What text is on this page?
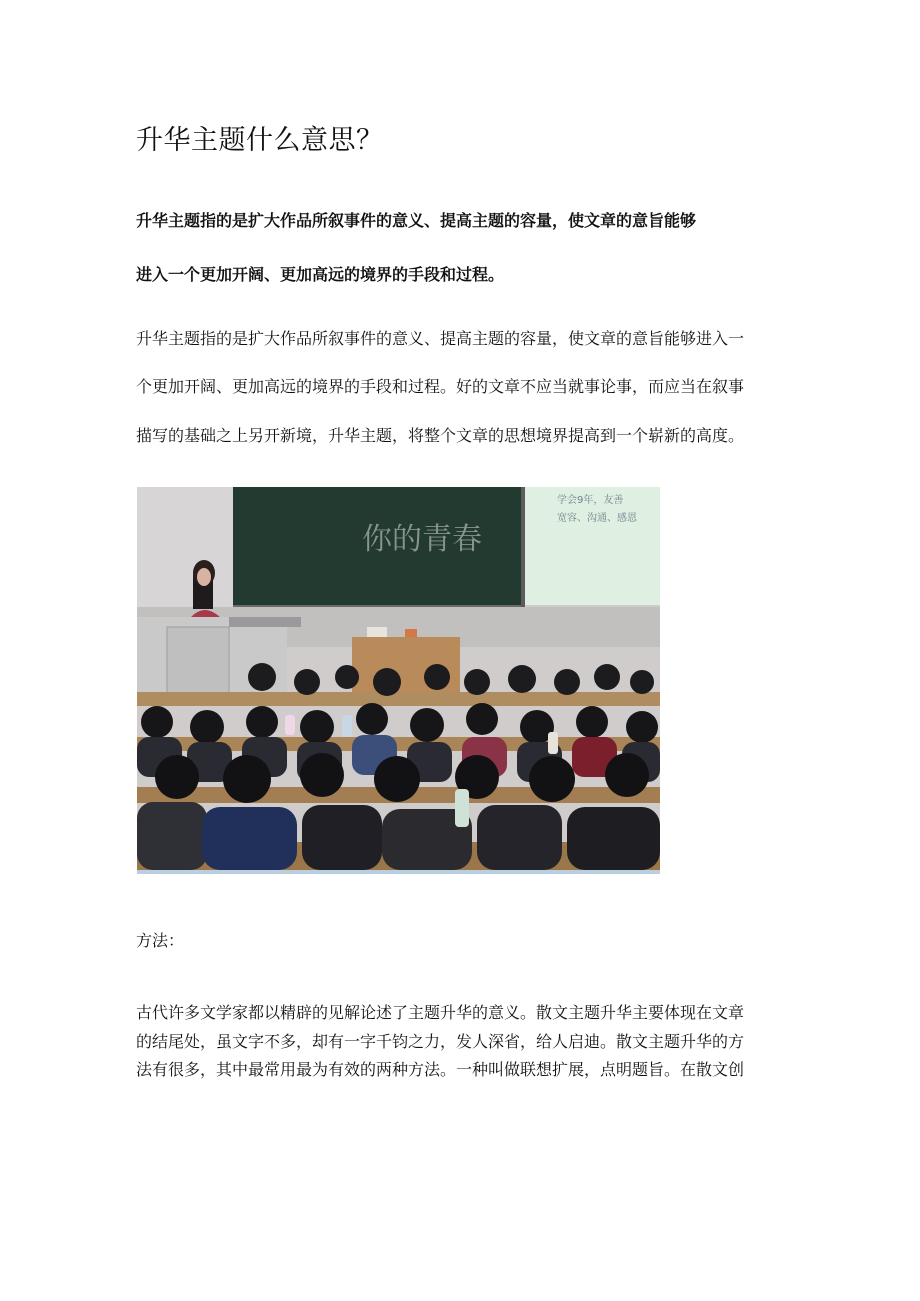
升华主题什么意思？

升华主题指的是扩大作品所叙事件的意义、提高主题的容量，使文章的意旨能够

进入一个更加开阔、更加高远的境界的手段和过程。

升华主题指的是扩大作品所叙事件的意义、提高主题的容量，使文章的意旨能够进入一

个更加开阔、更加高远的境界的手段和过程。好的文章不应当就事论事，而应当在叙事

描写的基础之上另开新境，升华主题，将整个文章的思想境界提高到一个崭新的高度。

你的青春
学会9年，友善
宽容、沟通、感恩

方法：

古代许多文学家都以精辟的见解论述了主题升华的意义。散文主题升华主要体现在文章

的结尾处，虽文字不多，却有一字千钧之力，发人深省，给人启迪。散文主题升华的方

法有很多，其中最常用最为有效的两种方法。一种叫做联想扩展，点明题旨。在散文创
